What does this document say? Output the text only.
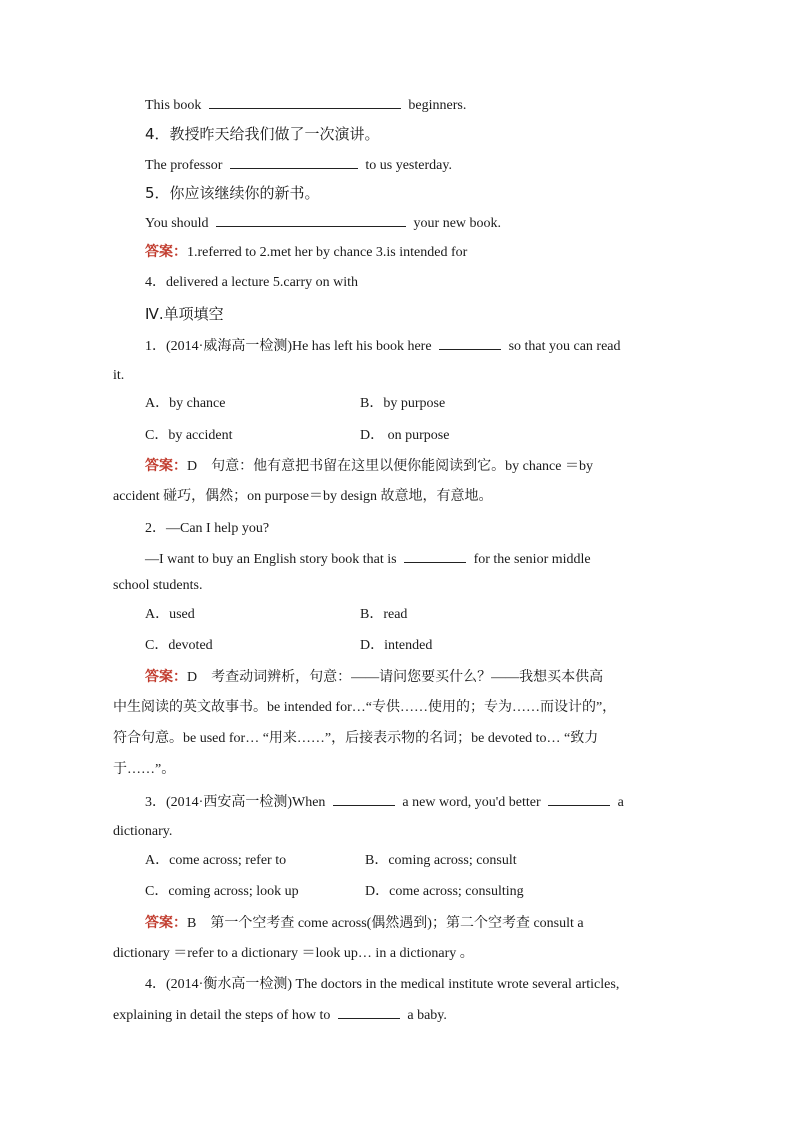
This book	beginners.
4．教授昨天给我们做了一次演讲。
The professor	to us yesterday.
5．你应该继续你的新书。
You should	your new book.
答案：1.referred to 2.met her by chance 3.is intended for
4．delivered a lecture 5.carry on with
Ⅳ.单项填空
1．(2014·威海高一检测)He has left his book here	so that you can read
it.
A．by chance	B．by purpose
C．by accident	D． on purpose
答案：D　句意：他有意把书留在这里以便你能阅读到它。by chance ＝by
accident 碰巧，偶然；on purpose＝by design 故意地，有意地。
2．—Can I help you?
—I want to buy an English story book that is	for the senior middle
school students.
A．used	B．read
C．devoted	D．intended
答案：D　考查动词辨析，句意：——请问您要买什么？——我想买本供高
中生阅读的英文故事书。be intended for…“专供……使用的；专为……而设计的”，
符合句意。be used for… “用来……”，后接表示物的名词；be devoted to… “致力
于……”。
3．(2014·西安高一检测)When	a new word, you'd better	a
dictionary.
A．come across; refer to	B．coming across; consult
C．coming across; look up	D．come across; consulting
答案：B　第一个空考查 come across(偶然遇到)；第二个空考查 consult a
dictionary ＝refer to a dictionary ＝look up… in a dictionary 。
4．(2014·衡水高一检测) The doctors in the medical institute wrote several articles,
explaining in detail the steps of how to	a baby.
